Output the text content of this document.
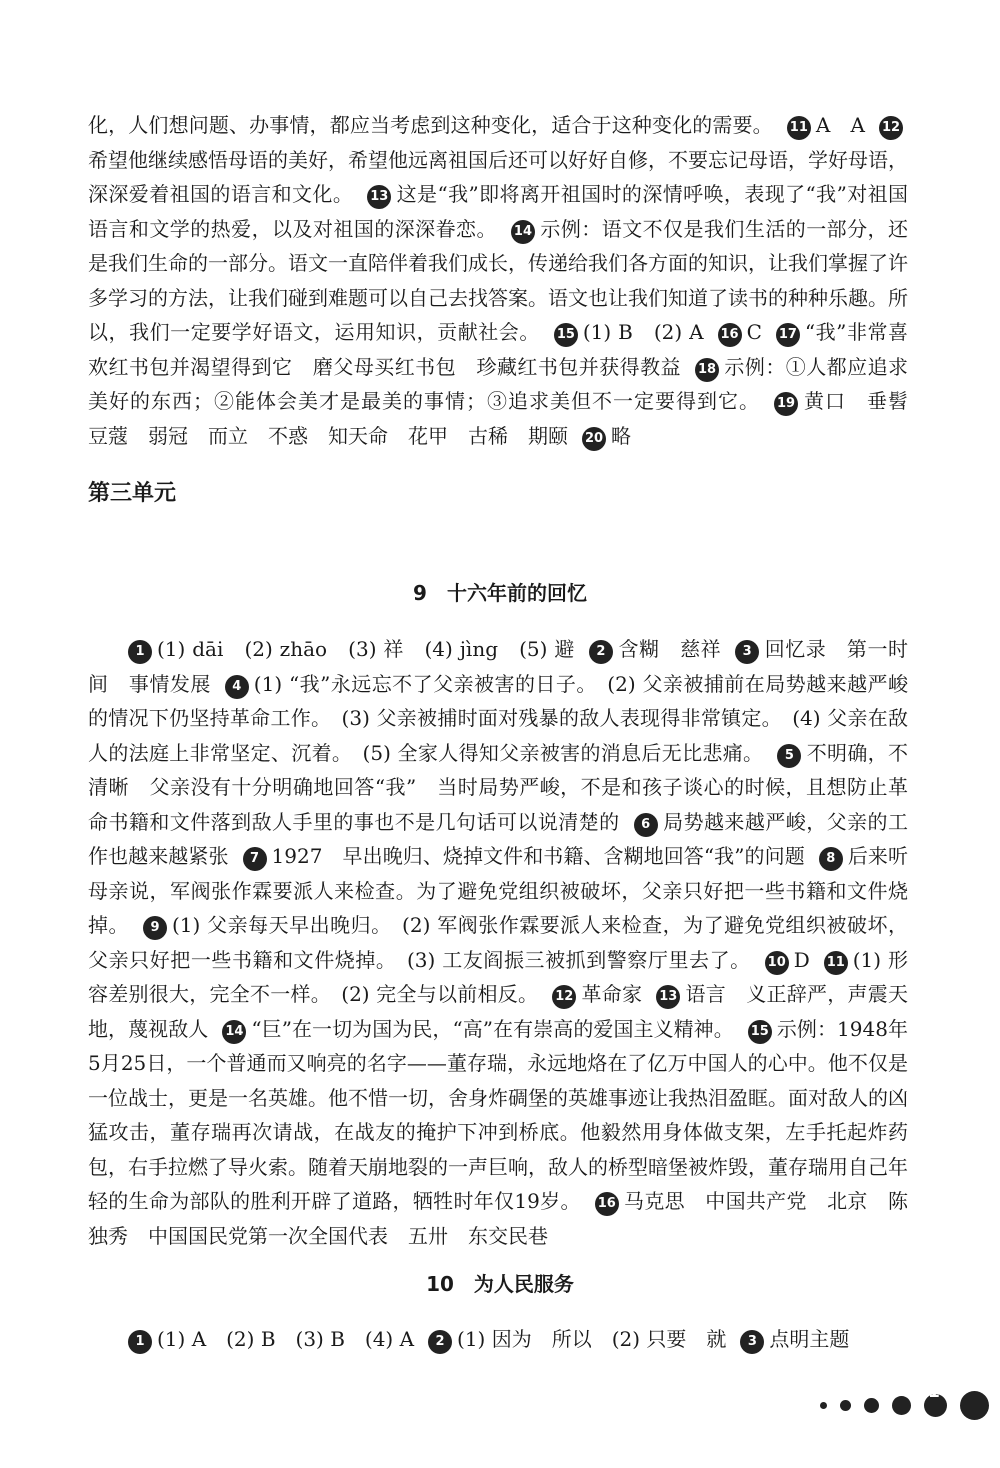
化，人们想问题、办事情，都应当考虑到这种变化，适合于这种变化的需要。 11 A　A 12希望他继续感悟母语的美好，希望他远离祖国后还可以好好自修，不要忘记母语，学好母语，深深爱着祖国的语言和文化。 13 这是“我”即将离开祖国时的深情呼唤，表现了“我”对祖国语言和文学的热爱，以及对祖国的深深眷恋。 14 示例：语文不仅是我们生活的一部分，还是我们生命的一部分。语文一直陪伴着我们成长，传递给我们各方面的知识，让我们掌握了许多学习的方法，让我们碰到难题可以自己去找答案。语文也让我们知道了读书的种种乐趣。所以，我们一定要学好语文，运用知识，贡献社会。 15 (1) B　(2) A 16 C 17 “我”非常喜欢红书包并渴望得到它　磨父母买红书包　珍藏红书包并获得教益 18 示例：①人都应追求美好的东西；②能体会美才是最美的事情；③追求美但不一定要得到它。 19 黄口　垂髫　豆蔻　弱冠　而立　不惑　知天命　花甲　古稀　期颐 20 略
第三单元
9　十六年前的回忆
1 (1) dāi　(2) zhāo　(3) 祥　(4) jìng　(5) 避 2 含糊　慈祥 3 回忆录　第一时间　事情发展 4 (1) “我”永远忘不了父亲被害的日子。　(2) 父亲被捕前在局势越来越严峻的情况下仍坚持革命工作。　(3) 父亲被捕时面对残暴的敌人表现得非常镇定。　(4) 父亲在敌人的法庭上非常坚定、沉着。　(5) 全家人得知父亲被害的消息后无比悲痛。 5 不明确，不清晰　父亲没有十分明确地回答“我”　当时局势严峻，不是和孩子谈心的时候，且想防止革命书籍和文件落到敌人手里的事也不是几句话可以说清楚的 6 局势越来越严峻，父亲的工作也越来越紧张 7 1927　早出晚归、烧掉文件和书籍、含糊地回答“我”的问题 8 后来听母亲说，军阀张作霖要派人来检查。为了避免党组织被破坏，父亲只好把一些书籍和文件烧掉。 9 (1) 父亲每天早出晚归。　(2) 军阀张作霖要派人来检查，为了避免党组织被破坏，父亲只好把一些书籍和文件烧掉。　(3) 工友阎振三被抓到警察厅里去了。 10 D 11 (1) 形容差别很大，完全不一样。　(2) 完全与以前相反。 12 革命家 13 语言　义正辞严，声震天地，蔑视敌人 14 “巨”在一切为国为民，“高”在有崇高的爱国主义精神。 15 示例：1948年5月25日，一个普通而又响亮的名字——董存瑞，永远地烙在了亿万中国人的心中。他不仅是一位战士，更是一名英雄。他不惜一切，舍身炸碉堡的英雄事迹让我热泪盈眶。面对敌人的凶猛攻击，董存瑞再次请战，在战友的掩护下冲到桥底。他毅然用身体做支架，左手托起炸药包，右手拉燃了导火索。随着天崩地裂的一声巨响，敌人的桥型暗堡被炸毁，董存瑞用自己年轻的生命为部队的胜利开辟了道路，牺牲时年仅19岁。 16 马克思　中国共产党　北京　陈独秀　中国国民党第一次全国代表　五卅　东交民巷
10　为人民服务
1 (1) A　(2) B　(3) B　(4) A 2 (1) 因为　所以　(2) 只要　就 3 点明主题
163
